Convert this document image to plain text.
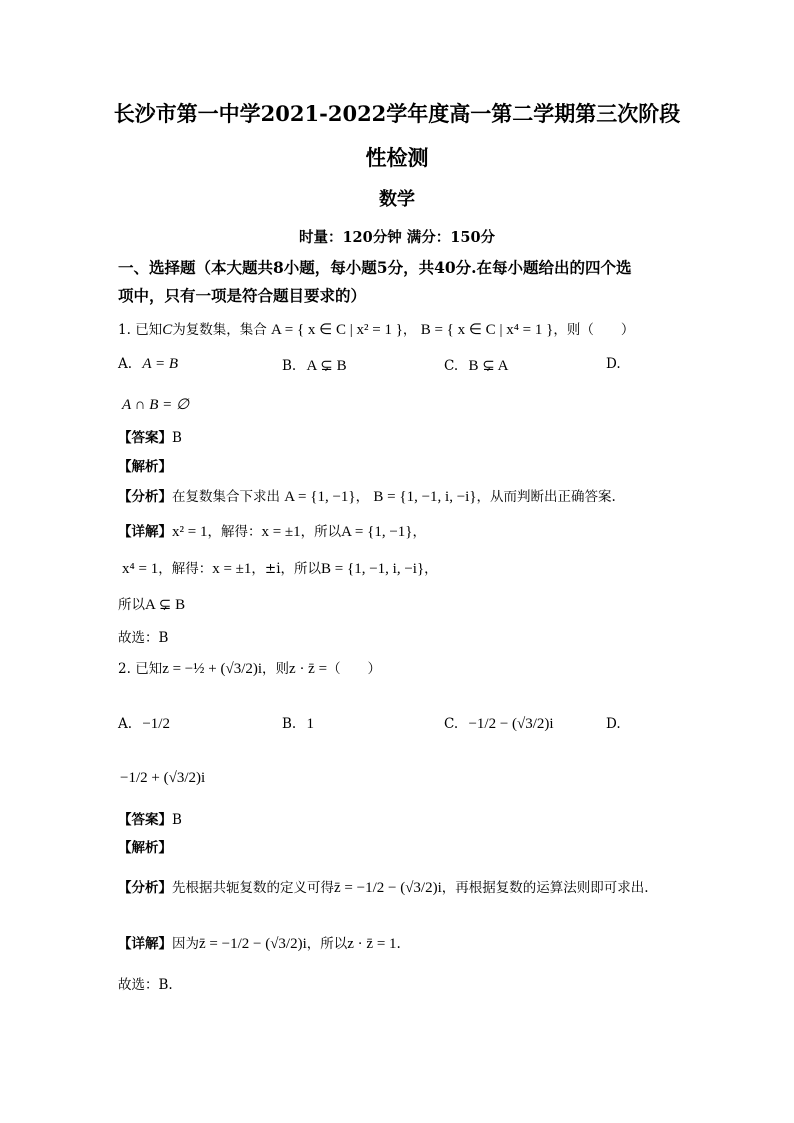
长沙市第一中学2021-2022学年度高一第二学期第三次阶段
性检测
数学
时量：120分钟 满分：150分
一、选择题（本大题共8小题，每小题5分，共40分.在每小题给出的四个选
项中，只有一项是符合题目要求的）
1. 已知C为复数集，集合 A = { x ∈ C | x² = 1 }， B = { x ∈ C | x⁴ = 1 }，则（　　）
A. A = B	B. A ⊊ B	C. B ⊊ A	D.
A ∩ B = ∅
【答案】B
【解析】
【分析】在复数集合下求出 A = {1, −1}， B = {1, −1, i, −i}，从而判断出正确答案.
【详解】x² = 1，解得：x = ±1，所以A = {1, −1}，
x⁴ = 1，解得：x = ±1，±i，所以B = {1, −1, i, −i}，
所以A ⊊ B
故选：B
2. 已知z = −½ + (√3/2)i，则z · z̄ =（　　）
A. −1/2	B. 1	C. −1/2 − (√3/2)i	D.
−1/2 + (√3/2)i
【答案】B
【解析】
【分析】先根据共轭复数的定义可得z̄ = −1/2 − (√3/2)i，再根据复数的运算法则即可求出.
【详解】因为z̄ = −1/2 − (√3/2)i，所以z · z̄ = 1.
故选：B.
